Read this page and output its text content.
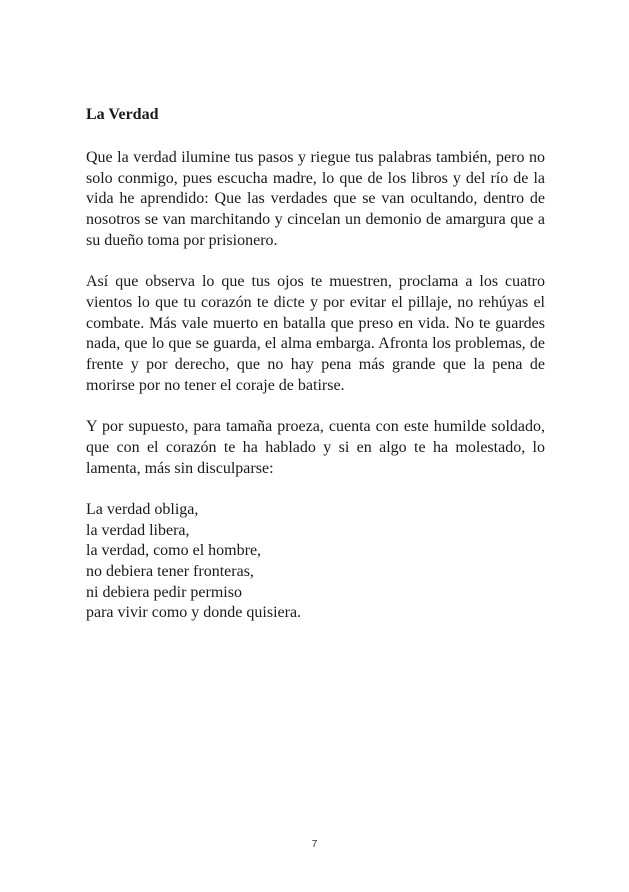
La Verdad

Que la verdad ilumine tus pasos y riegue tus palabras también, pero no solo conmigo, pues escucha madre, lo que de los libros y del río de la vida he aprendido: Que las verdades que se van ocultando, dentro de nosotros se van marchitando y cincelan un demonio de amargura que a su dueño toma por prisionero.

Así que observa lo que tus ojos te muestren, proclama a los cuatro vientos lo que tu corazón te dicte y por evitar el pillaje, no rehúyas el combate. Más vale muerto en batalla que preso en vida. No te guardes nada, que lo que se guarda, el alma embarga. Afronta los problemas, de frente y por derecho, que no hay pena más grande que la pena de morirse por no tener el coraje de batirse.

Y por supuesto, para tamaña proeza, cuenta con este humilde soldado, que con el corazón te ha hablado y si en algo te ha molestado, lo lamenta, más sin disculparse:

La verdad obliga,
la verdad libera,
la verdad, como el hombre,
no debiera tener fronteras,
ni debiera pedir permiso
para vivir como y donde quisiera.
7
